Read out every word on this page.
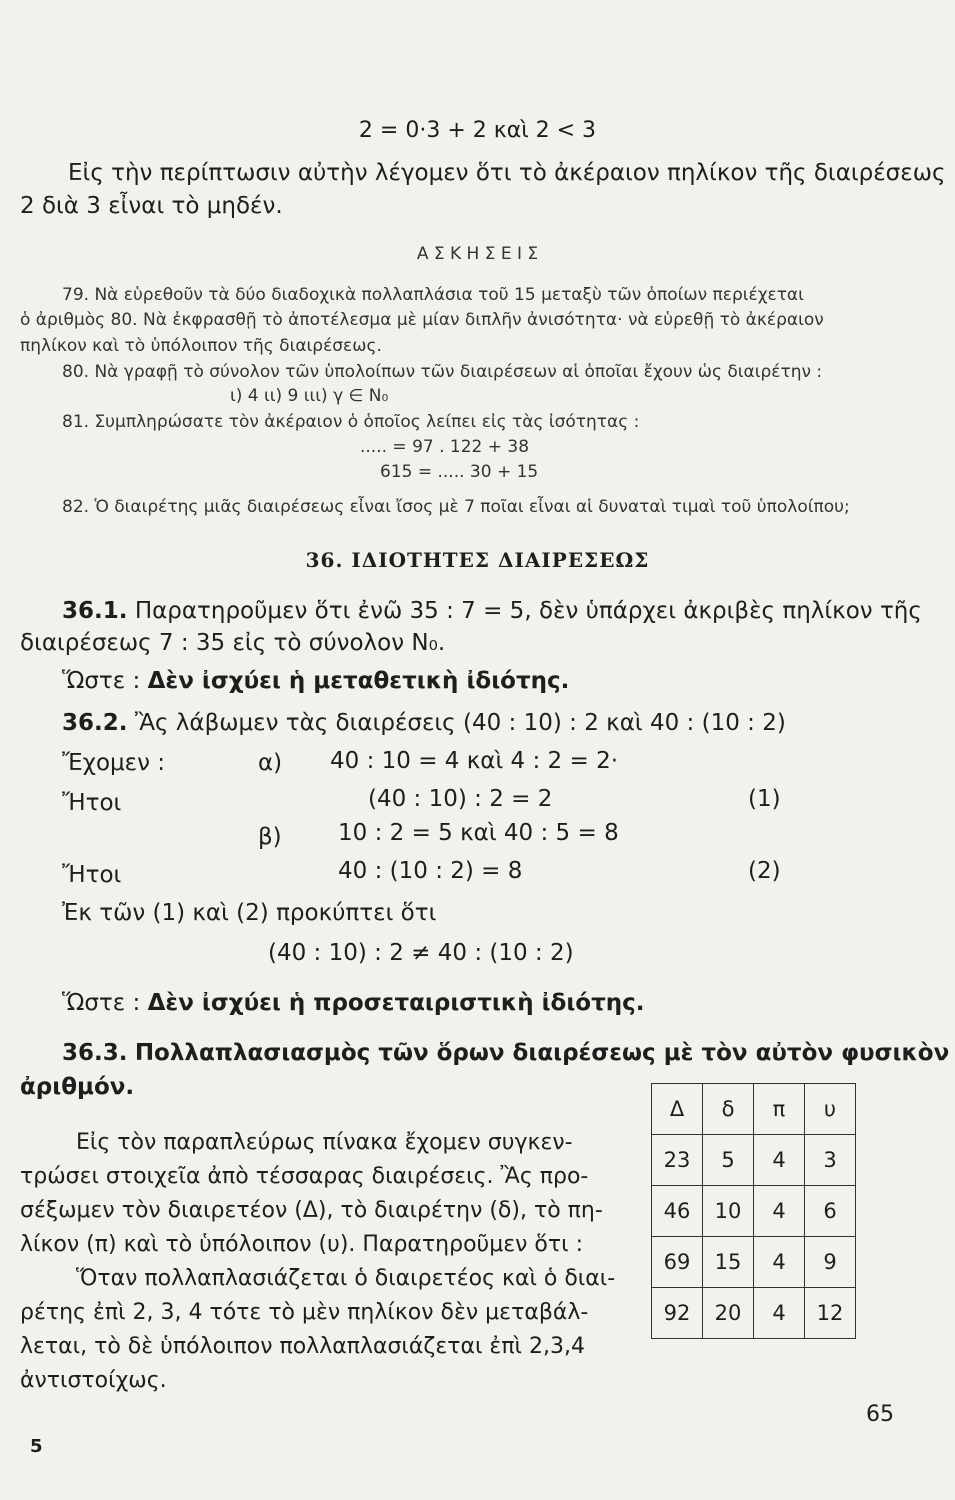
2 = 0·3 + 2 καὶ 2 < 3
Εἰς τὴν περίπτωσιν αὐτὴν λέγομεν ὅτι τὸ ἀκέραιον πηλίκον τῆς διαιρέσεως
2 διὰ 3 εἶναι τὸ μηδέν.
Α Σ Κ Η Σ Ε Ι Σ
79. Νὰ εὑρεθοῦν τὰ δύο διαδοχικὰ πολλαπλάσια τοῦ 15 μεταξὺ τῶν ὁποίων περιέχεται
ὁ ἀριθμὸς 80. Νὰ ἐκφρασθῇ τὸ ἀποτέλεσμα μὲ μίαν διπλῆν ἀνισότητα· νὰ εὑρεθῇ τὸ ἀκέραιον
πηλίκον καὶ τὸ ὑπόλοιπον τῆς διαιρέσεως.
80. Νὰ γραφῇ τὸ σύνολον τῶν ὑπολοίπων τῶν διαιρέσεων αἱ ὁποῖαι ἔχουν ὡς διαιρέτην :
ι) 4 ιι) 9 ιιι) γ ∈ N₀
81. Συμπληρώσατε τὸν ἀκέραιον ὁ ὁποῖος λείπει εἰς τὰς ἰσότητας :
..... = 97 . 122 + 38
615 = ..... 30 + 15
82. Ὁ διαιρέτης μιᾶς διαιρέσεως εἶναι ἴσος μὲ 7 ποῖαι εἶναι αἱ δυναταὶ τιμαὶ τοῦ ὑπολοίπου;
36. ΙΔΙΟΤΗΤΕΣ ΔΙΑΙΡΕΣΕΩΣ
36.1. Παρατηροῦμεν ὅτι ἐνῶ 35 : 7 = 5, δὲν ὑπάρχει ἀκριβὲς πηλίκον τῆς
διαιρέσεως 7 : 35 εἰς τὸ σύνολον N₀.
Ὥστε : Δὲν ἰσχύει ἡ μεταθετικὴ ἰδιότης.
36.2. Ἂς λάβωμεν τὰς διαιρέσεις (40 : 10) : 2 καὶ 40 : (10 : 2)
Ἔχομεν :	α) 40 : 10 = 4 καὶ 4 : 2 = 2·
Ἤτοι	(40 : 10) : 2 = 2	(1)
β) 10 : 2 = 5 καὶ 40 : 5 = 8
Ἤτοι	40 : (10 : 2) = 8	(2)
Ἐκ τῶν (1) καὶ (2) προκύπτει ὅτι
(40 : 10) : 2 ≠ 40 : (10 : 2)
Ὥστε : Δὲν ἰσχύει ἡ προσεταιριστικὴ ἰδιότης.
36.3. Πολλαπλασιασμὸς τῶν ὅρων διαιρέσεως μὲ τὸν αὐτὸν φυσικὸν
ἀριθμόν.
Εἰς τὸν παραπλεύρως πίνακα ἔχομεν συγκεν-
τρώσει στοιχεῖα ἀπὸ τέσσαρας διαιρέσεις. Ἂς προ-
σέξωμεν τὸν διαιρετέον (Δ), τὸ διαιρέτην (δ), τὸ πη-
λίκον (π) καὶ τὸ ὑπόλοιπον (υ). Παρατηροῦμεν ὅτι :
Ὅταν πολλαπλασιάζεται ὁ διαιρετέος καὶ ὁ διαι-
ρέτης ἐπὶ 2, 3, 4 τότε τὸ μὲν πηλίκον δὲν μεταβάλ-
λεται, τὸ δὲ ὑπόλοιπον πολλαπλασιάζεται ἐπὶ 2,3,4
ἀντιστοίχως.
Δ	δ	π	υ
23	5	4	3
46	10	4	6
69	15	4	9
92	20	4	12
65
5
